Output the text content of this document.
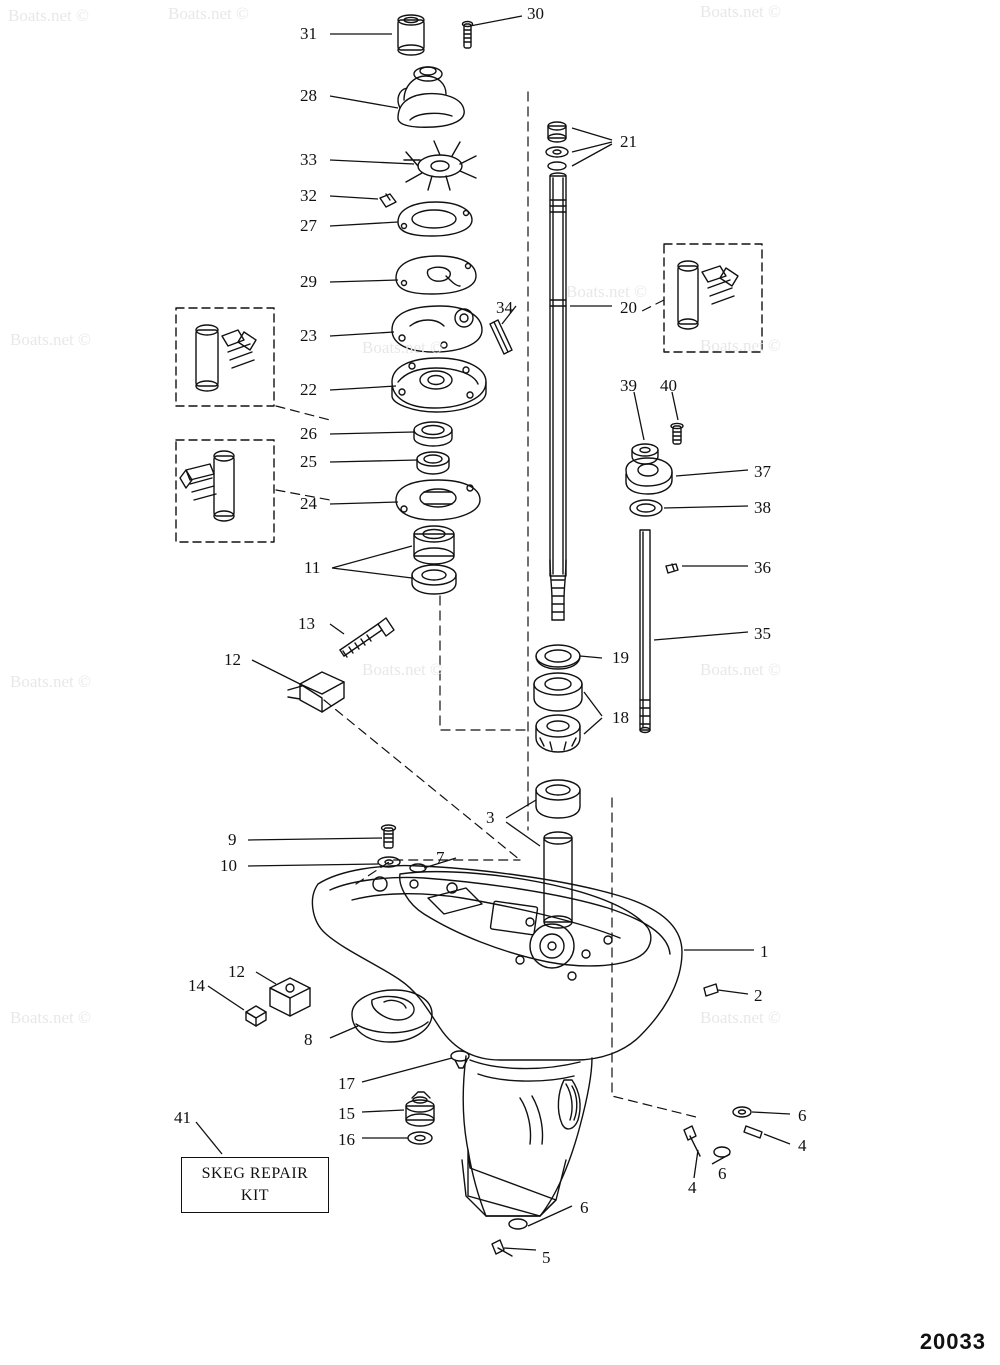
Boats.net ©	Boats.net ©	Boats.net ©
Boats.net ©	Boats.net ©
Boats.net ©
Boats.net ©
Boats.net ©
Boats.net ©	Boats.net ©
Boats.net ©	Boats.net ©
31
30
28
33
32
27
29
23
22
26
25
24
11
13
12
9
10	7
3
12
14
8
17
15
16
41
34
21
20
39 40
37
38
36
35
19
18
1
2
6
4
6
4
6
5
SKEG REPAIR
KIT
20033
